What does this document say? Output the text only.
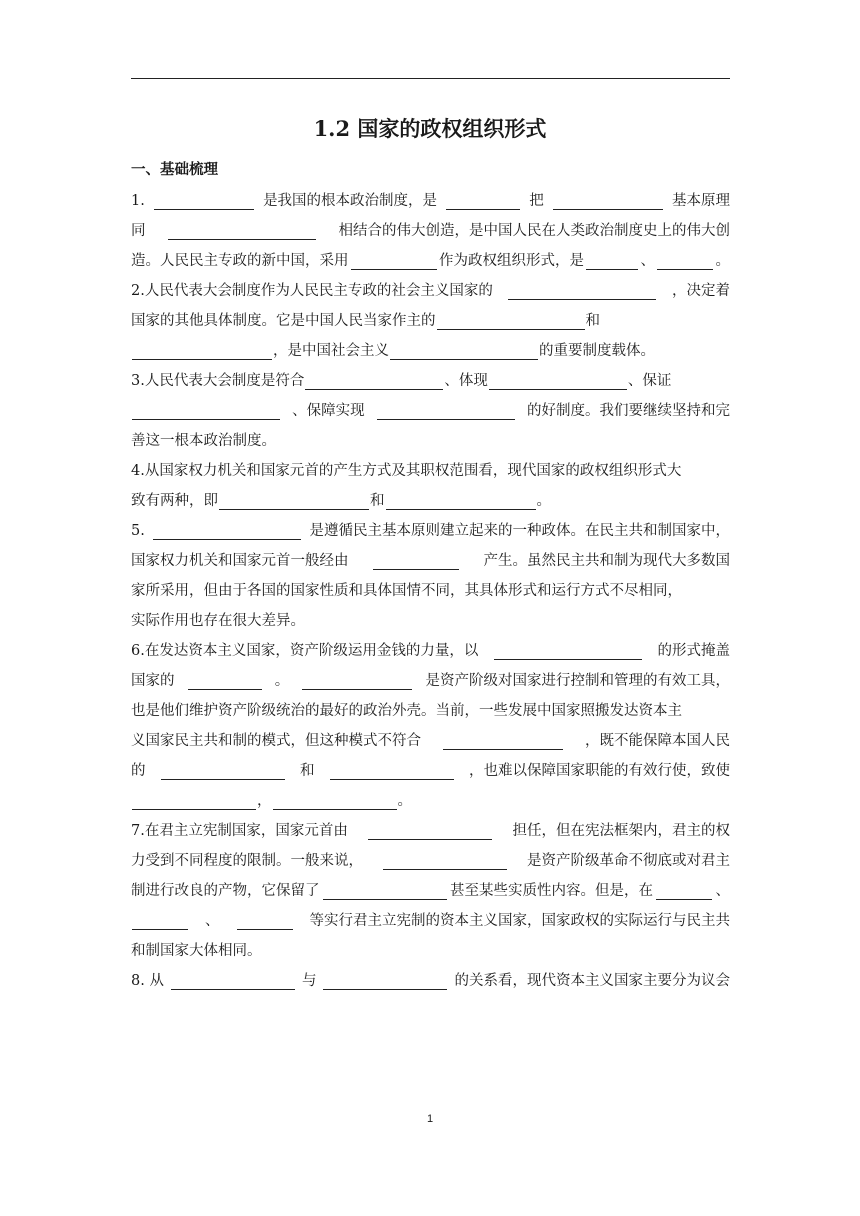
1.2 国家的政权组织形式
一、基础梳理
1.	是我国的根本政治制度，是	把	基本原理
同	相结合的伟大创造，是中国人民在人类政治制度史上的伟大创
造。人民民主专政的新中国，采用	作为政权组织形式，是	、	。
2.人民代表大会制度作为人民民主专政的社会主义国家的	，决定着
国家的其他具体制度。它是中国人民当家作主的	和
，是中国社会主义	的重要制度载体。
3.人民代表大会制度是符合	、体现	、保证
、保障实现	的好制度。我们要继续坚持和完
善这一根本政治制度。
4.从国家权力机关和国家元首的产生方式及其职权范围看，现代国家的政权组织形式大
致有两种，即	和	。
5.	是遵循民主基本原则建立起来的一种政体。在民主共和制国家中，
国家权力机关和国家元首一般经由	产生。虽然民主共和制为现代大多数国
家所采用，但由于各国的国家性质和具体国情不同，其具体形式和运行方式不尽相同，
实际作用也存在很大差异。
6.在发达资本主义国家，资产阶级运用金钱的力量，以	的形式掩盖
国家的	。	是资产阶级对国家进行控制和管理的有效工具，
也是他们维护资产阶级统治的最好的政治外壳。当前，一些发展中国家照搬发达资本主
义国家民主共和制的模式，但这种模式不符合	，既不能保障本国人民
的	和	，也难以保障国家职能的有效行使，致使
，	。
7.在君主立宪制国家，国家元首由	担任，但在宪法框架内，君主的权
力受到不同程度的限制。一般来说，	是资产阶级革命不彻底或对君主
制进行改良的产物，它保留了	甚至某些实质性内容。但是，在	、
、	等实行君主立宪制的资本主义国家，国家政权的实际运行与民主共
和制国家大体相同。
8. 从	与	的关系看，现代资本主义国家主要分为议会
1
